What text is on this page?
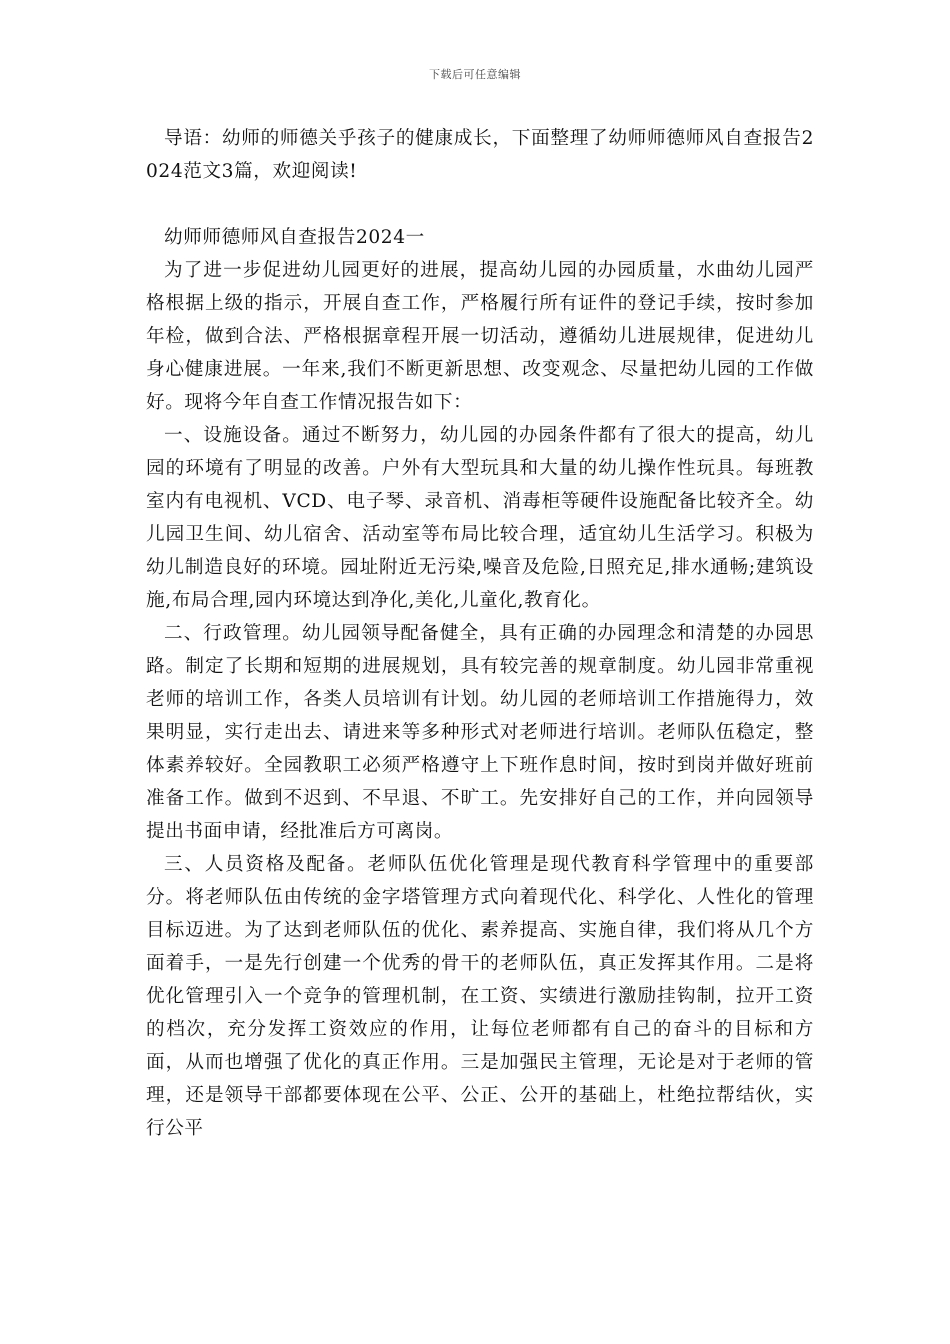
下载后可任意编辑

导语：幼师的师德关乎孩子的健康成长，下面整理了幼师师德师风自查报告2024范文3篇，欢迎阅读!

幼师师德师风自查报告2024一

为了进一步促进幼儿园更好的进展，提高幼儿园的办园质量，水曲幼儿园严格根据上级的指示，开展自查工作，严格履行所有证件的登记手续，按时参加年检，做到合法、严格根据章程开展一切活动，遵循幼儿进展规律，促进幼儿身心健康进展。一年来,我们不断更新思想、改变观念、尽量把幼儿园的工作做好。现将今年自查工作情况报告如下：

一、设施设备。通过不断努力，幼儿园的办园条件都有了很大的提高，幼儿园的环境有了明显的改善。户外有大型玩具和大量的幼儿操作性玩具。每班教室内有电视机、VCD、电子琴、录音机、消毒柜等硬件设施配备比较齐全。幼儿园卫生间、幼儿宿舍、活动室等布局比较合理，适宜幼儿生活学习。积极为幼儿制造良好的环境。园址附近无污染,噪音及危险,日照充足,排水通畅;建筑设施,布局合理,园内环境达到净化,美化,儿童化,教育化。

二、行政管理。幼儿园领导配备健全，具有正确的办园理念和清楚的办园思路。制定了长期和短期的进展规划，具有较完善的规章制度。幼儿园非常重视老师的培训工作，各类人员培训有计划。幼儿园的老师培训工作措施得力，效果明显，实行走出去、请进来等多种形式对老师进行培训。老师队伍稳定，整体素养较好。全园教职工必须严格遵守上下班作息时间，按时到岗并做好班前准备工作。做到不迟到、不早退、不旷工。先安排好自己的工作，并向园领导提出书面申请，经批准后方可离岗。

三、人员资格及配备。老师队伍优化管理是现代教育科学管理中的重要部分。将老师队伍由传统的金字塔管理方式向着现代化、科学化、人性化的管理目标迈进。为了达到老师队伍的优化、素养提高、实施自律，我们将从几个方面着手，一是先行创建一个优秀的骨干的老师队伍，真正发挥其作用。二是将优化管理引入一个竞争的管理机制，在工资、实绩进行激励挂钩制，拉开工资的档次，充分发挥工资效应的作用，让每位老师都有自己的奋斗的目标和方面，从而也增强了优化的真正作用。三是加强民主管理，无论是对于老师的管理，还是领导干部都要体现在公平、公正、公开的基础上，杜绝拉帮结伙，实行公平
